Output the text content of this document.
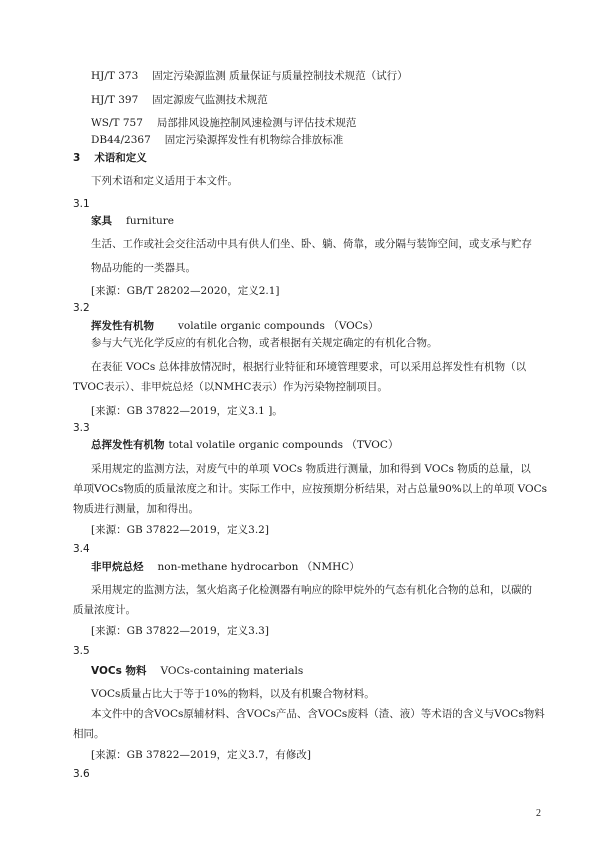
HJ/T 373 固定污染源监测 质量保证与质量控制技术规范（试行）
HJ/T 397 固定源废气监测技术规范
WS/T 757 局部排风设施控制风速检测与评估技术规范
DB44/2367 固定污染源挥发性有机物综合排放标准
3 术语和定义
下列术语和定义适用于本文件。
3.1
家具 furniture
生活、工作或社会交往活动中具有供人们坐、卧、躺、倚靠，或分隔与装饰空间，或支承与贮存
物品功能的一类器具。
[来源：GB/T 28202—2020，定义2.1]
3.2
挥发性有机物 volatile organic compounds （VOCs）
参与大气光化学反应的有机化合物，或者根据有关规定确定的有机化合物。
在表征 VOCs 总体排放情况时，根据行业特征和环境管理要求，可以采用总挥发性有机物（以
TVOC表示）、非甲烷总烃（以NMHC表示）作为污染物控制项目。
[来源：GB 37822—2019，定义3.1 ]。
3.3
总挥发性有机物 total volatile organic compounds （TVOC）
采用规定的监测方法，对废气中的单项 VOCs 物质进行测量，加和得到 VOCs 物质的总量，以
单项VOCs物质的质量浓度之和计。实际工作中，应按预期分析结果，对占总量90%以上的单项 VOCs
物质进行测量，加和得出。
[来源：GB 37822—2019，定义3.2]
3.4
非甲烷总烃 non-methane hydrocarbon （NMHC）
采用规定的监测方法，氢火焰离子化检测器有响应的除甲烷外的气态有机化合物的总和，以碳的
质量浓度计。
[来源：GB 37822—2019，定义3.3]
3.5
VOCs 物料 VOCs-containing materials
VOCs质量占比大于等于10%的物料，以及有机聚合物材料。
本文件中的含VOCs原辅材料、含VOCs产品、含VOCs废料（渣、液）等术语的含义与VOCs物料
相同。
[来源：GB 37822—2019，定义3.7，有修改]
3.6
2
